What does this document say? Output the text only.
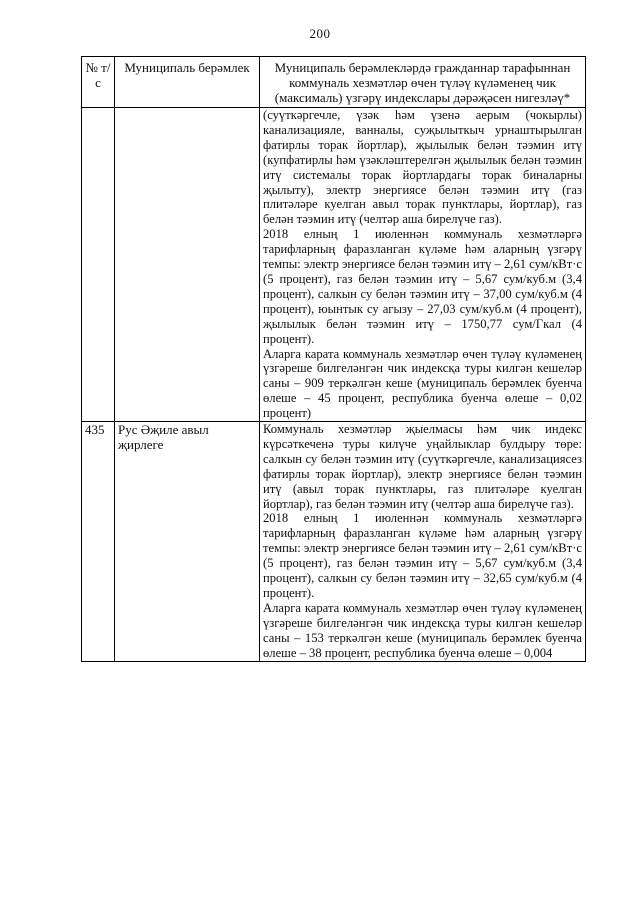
200
№ т/с	Муниципаль берәмлек	Муниципаль берәмлекләрдә гражданнар тарафыннан коммуналь хезмәтләр өчен түләү күләменең чик (максималь) үзгәрү индекслары дәрәҗәсен нигезләү*

		(суүткәргечле, үзәк һәм үзенә аерым (чокырлы) канализацияле, ванналы, суҗылыткыч урнаштырылган фатирлы торак йортлар), җылылык белән тәэмин итү (купфатирлы һәм үзәкләштерелгән җылылык белән тәэмин итү системалы торак йортлардагы торак биналарны җылыту), электр энергиясе белән тәэмин итү (газ плитәләре куелган авыл торак пунктлары, йортлар), газ белән тәэмин итү (челтәр аша бирелүче газ).

2018 елның 1 июленнән коммуналь хезмәтләргә тарифларның фаразланган күләме һәм аларның үзгәрү темпы: электр энергиясе белән тәэмин итү – 2,61 сум/кВт·с (5 процент), газ белән тәэмин итү – 5,67 сум/куб.м (3,4 процент), салкын су белән тәэмин итү – 37,00 сум/куб.м (4 процент), юынтык су агызу – 27,03 сум/куб.м (4 процент), җылылык белән тәэмин итү – 1750,77 сум/Гкал (4 процент).

Аларга карата коммуналь хезмәтләр өчен түләү күләменең үзгәреше билгеләнгән чик индексқа туры килгән кешеләр саны – 909 теркәлгән кеше (муниципаль берәмлек буенча өлеше – 45 процент, республика буенча өлеше – 0,02 процент)

435	Рус Әҗиле авыл җирлеге	Коммуналь хезмәтләр җыелмасы һәм чик индекс күрсәткеченә туры килүче уңайлыклар булдыру төре: салкын су белән тәэмин итү (суүткәргечле, канализациясез фатирлы торак йортлар), электр энергиясе белән тәэмин итү (авыл торак пунктлары, газ плитәләре куелган йортлар), газ белән тәэмин итү (челтәр аша бирелүче газ).

2018 елның 1 июленнән коммуналь хезмәтләргә тарифларның фаразланган күләме һәм аларның үзгәрү темпы: электр энергиясе белән тәэмин итү – 2,61 сум/кВт·с (5 процент), газ белән тәэмин итү – 5,67 сум/куб.м (3,4 процент), салкын су белән тәэмин итү – 32,65 сум/куб.м (4 процент).

Аларга карата коммуналь хезмәтләр өчен түләү күләменең үзгәреше билгеләнгән чик индексқа туры килгән кешеләр саны – 153 теркәлгән кеше (муниципаль берәмлек буенча өлеше – 38 процент, республика буенча өлеше – 0,004
